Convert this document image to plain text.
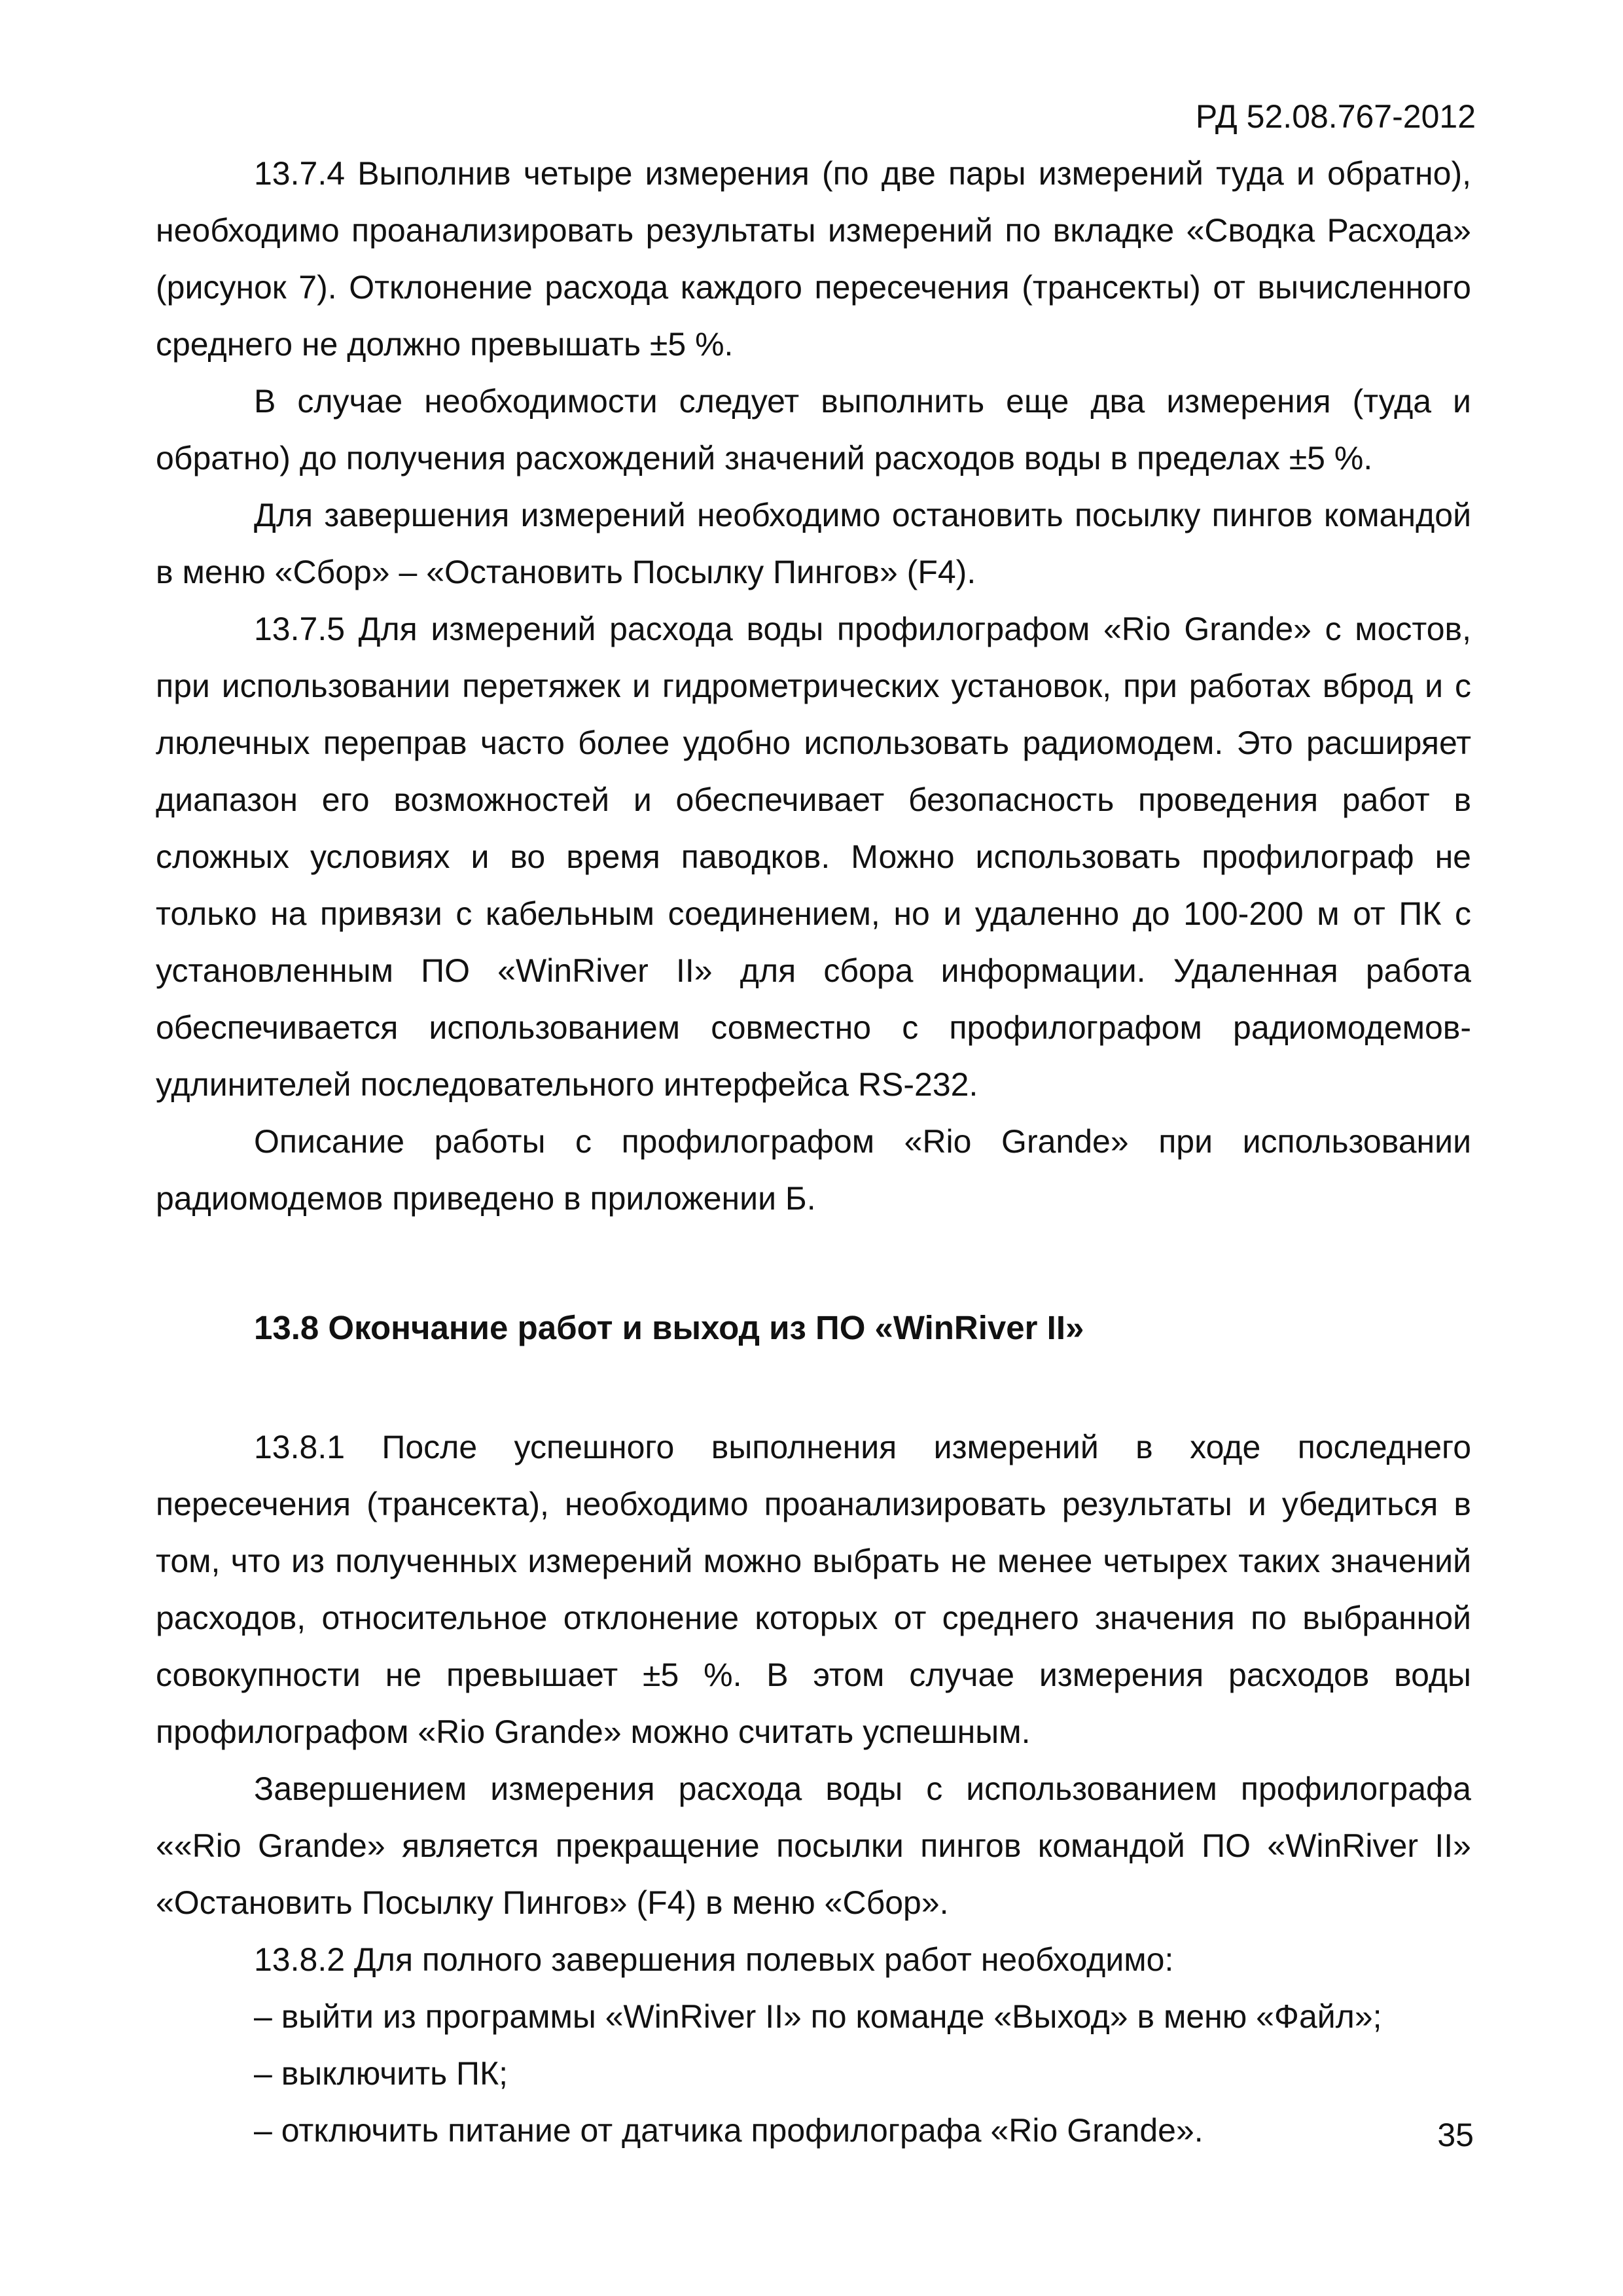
РД 52.08.767-2012

13.7.4 Выполнив четыре измерения (по две пары измерений туда и обратно), необходимо проанализировать результаты измерений по вкладке «Сводка Расхода» (рисунок 7). Отклонение расхода каждого пересечения (трансекты) от вычисленного среднего не должно превышать ±5 %.

В случае необходимости следует выполнить еще два измерения (туда и обратно) до получения расхождений значений расходов воды в пределах ±5 %.

Для завершения измерений необходимо остановить посылку пингов командой в меню «Сбор» – «Остановить Посылку Пингов» (F4).

13.7.5 Для измерений расхода воды профилографом «Rio Grande» с мостов, при использовании перетяжек и гидрометрических установок, при работах вброд и с люлечных переправ часто более удобно использовать радиомодем. Это расширяет диапазон его возможностей и обеспечивает безопасность проведения работ в сложных условиях и во время паводков. Можно использовать профилограф не только на привязи с кабельным соединением, но и удаленно до 100-200 м от ПК с установленным ПО «WinRiver II» для сбора информации. Удаленная работа обеспечивается использованием совместно с профилографом радиомодемов-удлинителей последовательного интерфейса RS-232.

Описание работы с профилографом «Rio Grande» при использовании радиомодемов приведено в приложении Б.

13.8 Окончание работ и выход из ПО «WinRiver II»

13.8.1 После успешного выполнения измерений в ходе последнего пересечения (трансекта), необходимо проанализировать результаты и убедиться в том, что из полученных измерений можно выбрать не менее четырех таких значений расходов, относительное отклонение которых от среднего значения по выбранной совокупности не превышает ±5 %. В этом случае измерения расходов воды профилографом «Rio Grande» можно считать успешным.

Завершением измерения расхода воды с использованием профилографа ««Rio Grande» является прекращение посылки пингов командой ПО «WinRiver II» «Остановить Посылку Пингов» (F4) в меню «Сбор».

13.8.2 Для полного завершения полевых работ необходимо:

– выйти из программы «WinRiver II» по команде «Выход» в меню «Файл»;

– выключить ПК;

– отключить питание от датчика профилографа «Rio Grande».	35
